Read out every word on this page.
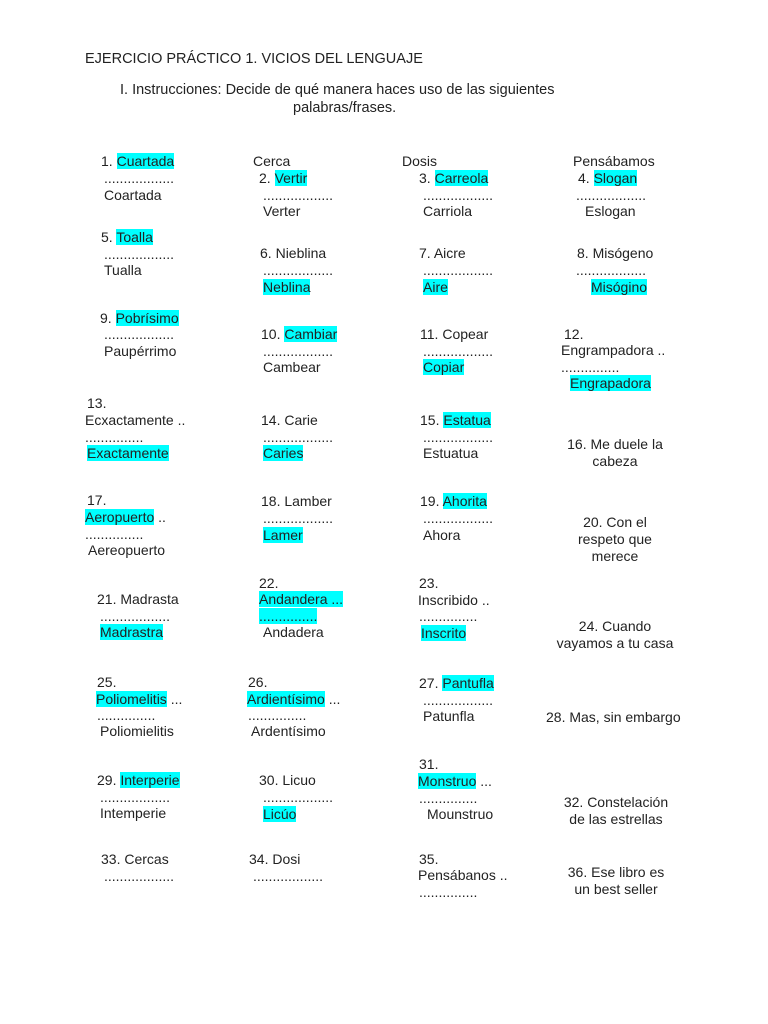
EJERCICIO PRÁCTICO 1. VICIOS DEL LENGUAJE
I. Instrucciones: Decide de qué manera haces uso de las siguientes
palabras/frases.
Cerca	Dosis	Pensábamos
1. Cuartada
..................
Coartada
2. Vertir
..................
Verter
3. Carreola
..................
Carriola
4. Slogan
..................
Eslogan
5. Toalla
..................
Tualla
6. Nieblina
..................
Neblina
7. Aicre
..................
Aire
8. Misógeno
..................
Misógino
9. Pobrísimo
..................
Paupérrimo
10. Cambiar
..................
Cambear
11. Copear
..................
Copiar
12.
Engrampadora ..
...............
Engrapadora
13.
Ecxactamente ..
...............
Exactamente
14. Carie
..................
Caries
15. Estatua
..................
Estuatua
16. Me duele la
cabeza
17.
Aeropuerto ..
...............
Aereopuerto
18. Lamber
..................
Lamer
19. Ahorita
..................
Ahora
20. Con el
respeto que
merece
21. Madrasta
..................
Madrastra
22.
Andandera ...
...............
Andadera
23.
Inscribido ..
...............
Inscrito	24. Cuando
vayamos a tu casa
25.
Poliomelitis ...
...............
Poliomielitis
26.
Ardientísimo ...
...............
Ardentísimo
27. Pantufla
..................
Patunfla	28. Mas, sin embargo
29. Interperie
..................
Intemperie
30. Licuo
..................
Licúo
31.
Monstruo ...
...............
Mounstruo
32. Constelación
de las estrellas
33. Cercas
..................
34. Dosi
..................
35.
Pensábanos ..
...............
36. Ese libro es
un best seller
